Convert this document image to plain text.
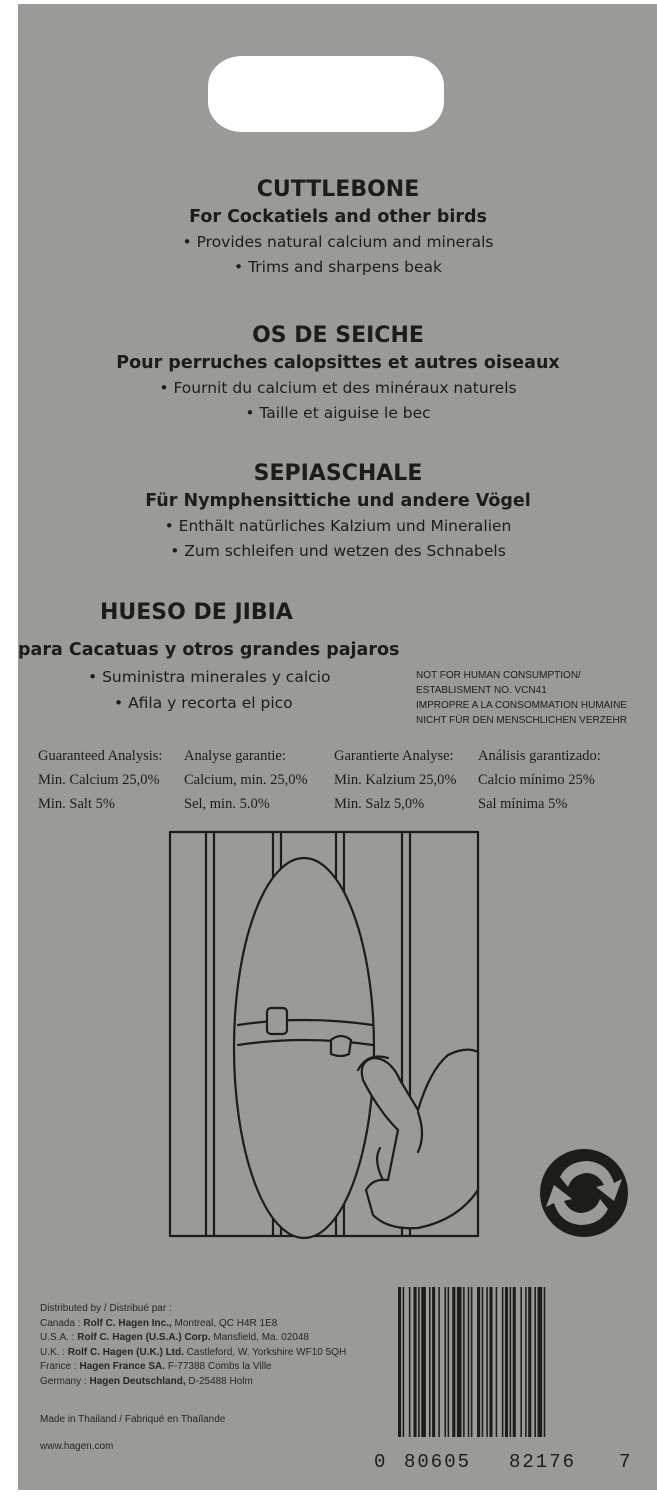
CUTTLEBONE
For Cockatiels and other birds
• Provides natural calcium and minerals
• Trims and sharpens beak
OS DE SEICHE
Pour perruches calopsittes et autres oiseaux
• Fournit du calcium et des minéraux naturels
• Taille et aiguise le bec
SEPIASCHALE
Für Nymphensittiche und andere Vögel
• Enthält natürliches Kalzium und Mineralien
• Zum schleifen und wetzen des Schnabels
HUESO DE JIBIA
para Cacatuas y otros grandes pajaros
• Suministra minerales y calcio
• Afila y recorta el pico
NOT FOR HUMAN CONSUMPTION/
ESTABLISMENT NO. VCN41
IMPROPRE A LA CONSOMMATION HUMAINE
NICHT FÜR DEN MENSCHLICHEN VERZEHR
Guaranteed Analysis:
Min. Calcium 25,0%
Min. Salt 5%
Analyse garantie:
Calcium, min. 25,0%
Sel, min. 5.0%
Garantierte Analyse:
Min. Kalzium 25,0%
Min. Salz 5,0%
Análisis garantizado:
Calcio mínimo 25%
Sal mínima 5%
Distributed by / Distribué par :
Canada : Rolf C. Hagen Inc., Montreal, QC H4R 1E8
U.S.A. : Rolf C. Hagen (U.S.A.) Corp. Mansfield, Ma. 02048
U.K. : Rolf C. Hagen (U.K.) Ltd. Castleford, W. Yorkshire WF10 5QH
France : Hagen France SA. F-77388 Combs la Ville
Germany : Hagen Deutschland, D-25488 Holm
Made in Thailand / Fabriqué en Thaïlande
www.hagen.com
0 80605 82176 7
